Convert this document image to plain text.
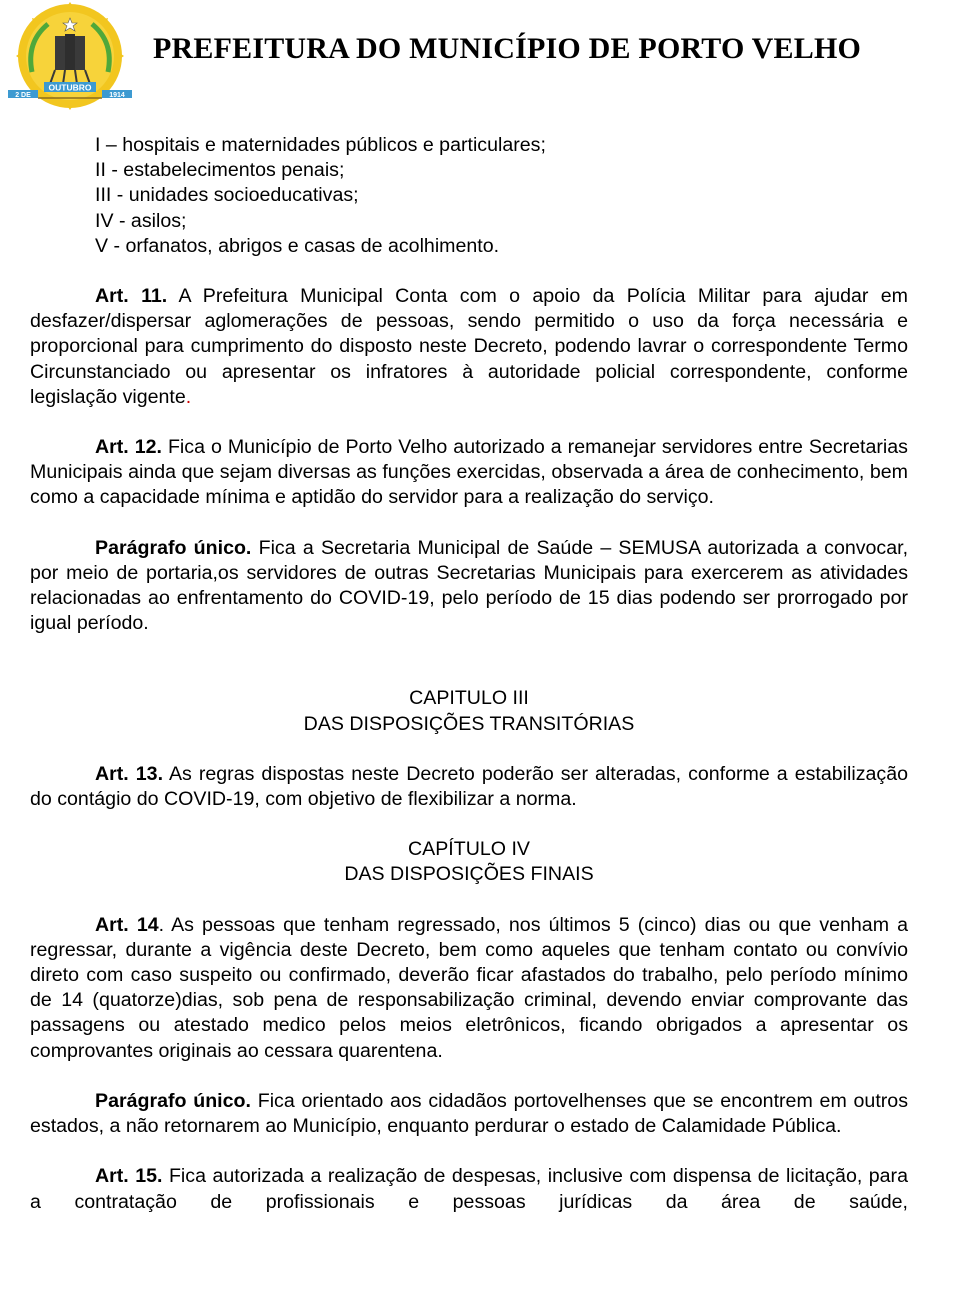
OUTUBRO
2 DE	1914
PREFEITURA DO MUNICÍPIO DE PORTO VELHO
I – hospitais e maternidades públicos e particulares;
II - estabelecimentos penais;
III - unidades socioeducativas;
IV - asilos;
V - orfanatos, abrigos e casas de acolhimento.

Art. 11. A Prefeitura Municipal Conta com o apoio da Polícia Militar para ajudar em desfazer/dispersar aglomerações de pessoas, sendo permitido o uso da força necessária e proporcional para cumprimento do disposto neste Decreto, podendo lavrar o correspondente Termo Circunstanciado ou apresentar os infratores à autoridade policial correspondente, conforme legislação vigente.

Art. 12. Fica o Município de Porto Velho autorizado a remanejar servidores entre Secretarias Municipais ainda que sejam diversas as funções exercidas, observada a área de conhecimento, bem como a capacidade mínima e aptidão do servidor para a realização do serviço.

Parágrafo único. Fica a Secretaria Municipal de Saúde – SEMUSA autorizada a convocar, por meio de portaria,os servidores de outras Secretarias Municipais para exercerem as atividades relacionadas ao enfrentamento do COVID-19, pelo período de 15 dias podendo ser prorrogado por igual período.

CAPITULO III

DAS DISPOSIÇÕES TRANSITÓRIAS

Art. 13. As regras dispostas neste Decreto poderão ser alteradas, conforme a estabilização do contágio do COVID-19, com objetivo de flexibilizar a norma.

CAPÍTULO IV

DAS DISPOSIÇÕES FINAIS

Art. 14. As pessoas que tenham regressado, nos últimos 5 (cinco) dias ou que venham a regressar, durante a vigência deste Decreto, bem como aqueles que tenham contato ou convívio direto com caso suspeito ou confirmado, deverão ficar afastados do trabalho, pelo período mínimo de 14 (quatorze)dias, sob pena de responsabilização criminal, devendo enviar comprovante das passagens ou atestado medico pelos meios eletrônicos, ficando obrigados a apresentar os comprovantes originais ao cessara quarentena.

Parágrafo único. Fica orientado aos cidadãos portovelhenses que se encontrem em outros estados, a não retornarem ao Município, enquanto perdurar o estado de Calamidade Pública.

Art. 15. Fica autorizada a realização de despesas, inclusive com dispensa de licitação, para a contratação de profissionais e pessoas jurídicas da área de saúde,
